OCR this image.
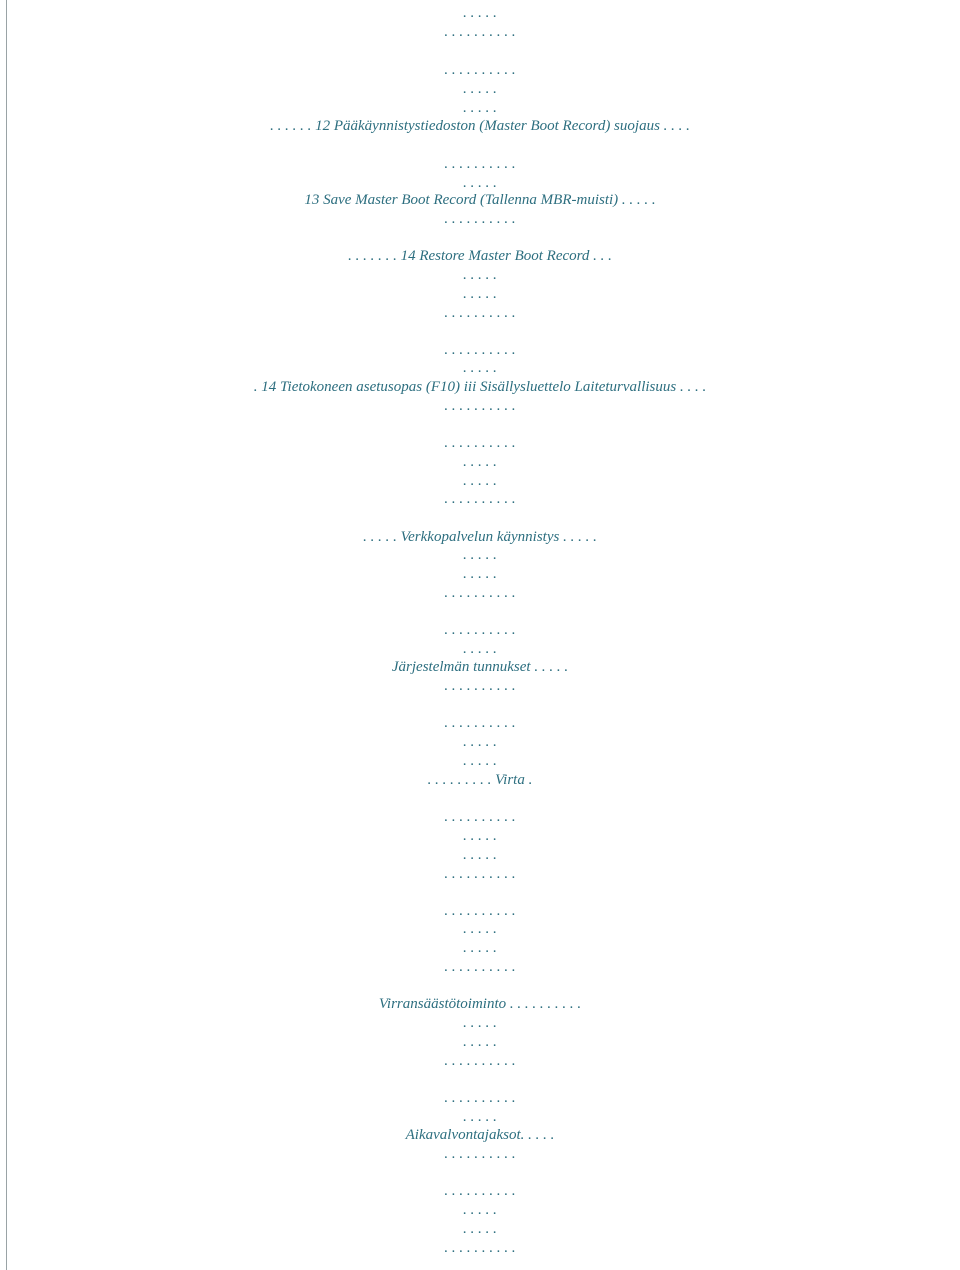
. . . . .
. . . . . . . . . .
. . . . . . . . . .
. . . . .
. . . . .
. . . . . . 12 Pääkäynnistystiedoston (Master Boot Record) suojaus . . . .
. . . . . . . . . .
. . . . .
13 Save Master Boot Record (Tallenna MBR-muisti) . . . . .
. . . . . . . . . .
. . . . . . . 14 Restore Master Boot Record . . .
. . . . .
. . . . .
. . . . . . . . . .
. . . . . . . . . .
. . . . .
. 14 Tietokoneen asetusopas (F10) iii Sisällysluettelo Laiteturvallisuus . . . .
. . . . . . . . . .
. . . . . . . . . .
. . . . .
. . . . .
. . . . . . . . . .
. . . . . Verkkopalvelun käynnistys . . . . .
. . . . .
. . . . .
. . . . . . . . . .
. . . . . . . . . .
. . . . .
Järjestelmän tunnukset . . . . .
. . . . . . . . . .
. . . . . . . . . .
. . . . .
. . . . .
. . . . . . . . . Virta .
. . . . . . . . . .
. . . . .
. . . . .
. . . . . . . . . .
. . . . . . . . . .
. . . . .
. . . . .
. . . . . . . . . .
Virransäästötoiminto . . . . . . . . . .
. . . . .
. . . . .
. . . . . . . . . .
. . . . . . . . . .
. . . . .
Aikavalvontajaksot. . . . .
. . . . . . . . . .
. . . . . . . . . .
. . . . .
. . . . .
. . . . . . . . . .
